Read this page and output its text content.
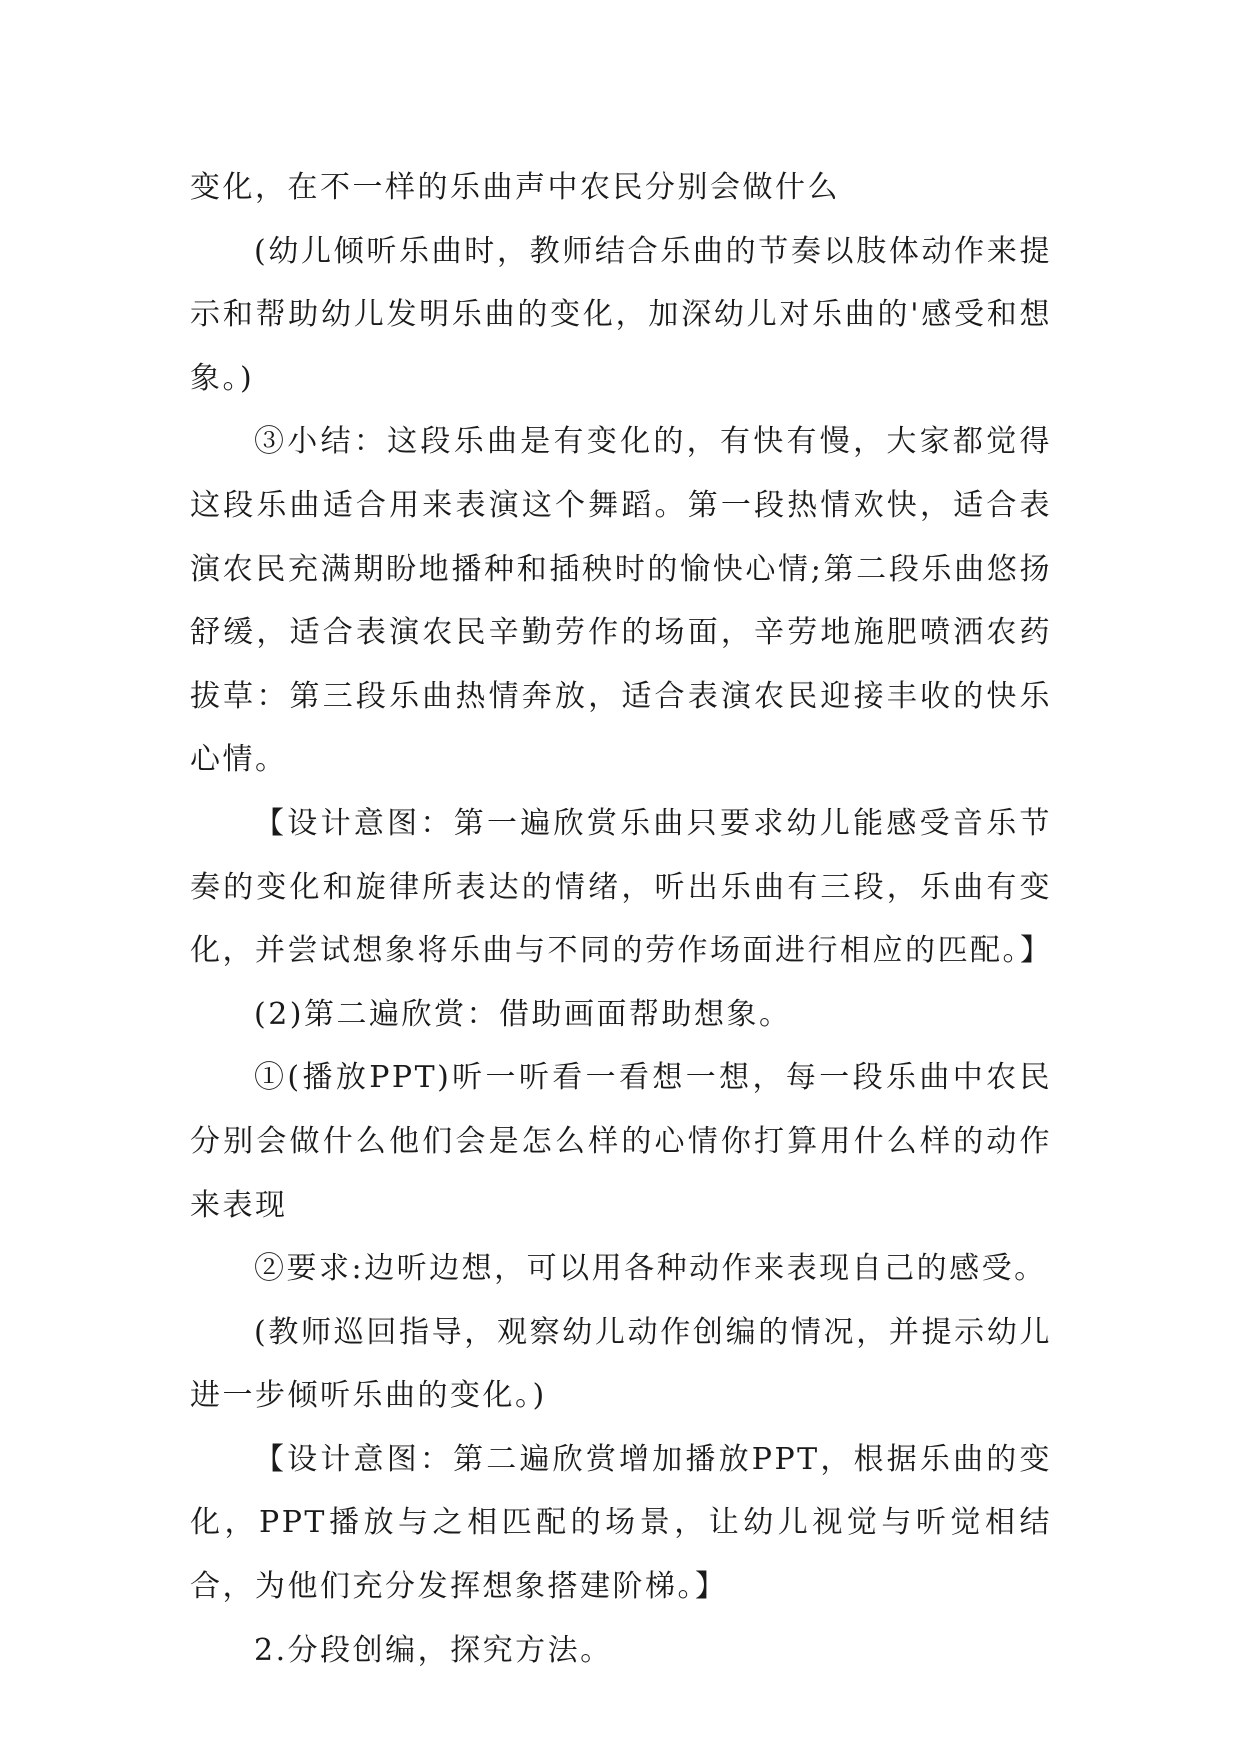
变化，在不一样的乐曲声中农民分别会做什么

(幼儿倾听乐曲时，教师结合乐曲的节奏以肢体动作来提示和帮助幼儿发明乐曲的变化，加深幼儿对乐曲的'感受和想象。)

③小结：这段乐曲是有变化的，有快有慢，大家都觉得这段乐曲适合用来表演这个舞蹈。第一段热情欢快，适合表演农民充满期盼地播种和插秧时的愉快心情;第二段乐曲悠扬舒缓，适合表演农民辛勤劳作的场面，辛劳地施肥喷洒农药拔草：第三段乐曲热情奔放，适合表演农民迎接丰收的快乐心情。

【设计意图：第一遍欣赏乐曲只要求幼儿能感受音乐节奏的变化和旋律所表达的情绪，听出乐曲有三段，乐曲有变化，并尝试想象将乐曲与不同的劳作场面进行相应的匹配。】

(2)第二遍欣赏：借助画面帮助想象。

①(播放PPT)听一听看一看想一想，每一段乐曲中农民分别会做什么他们会是怎么样的心情你打算用什么样的动作来表现

②要求:边听边想，可以用各种动作来表现自己的感受。

(教师巡回指导，观察幼儿动作创编的情况，并提示幼儿进一步倾听乐曲的变化。)

【设计意图：第二遍欣赏增加播放PPT，根据乐曲的变化，PPT播放与之相匹配的场景，让幼儿视觉与听觉相结合，为他们充分发挥想象搭建阶梯。】

2.分段创编，探究方法。
